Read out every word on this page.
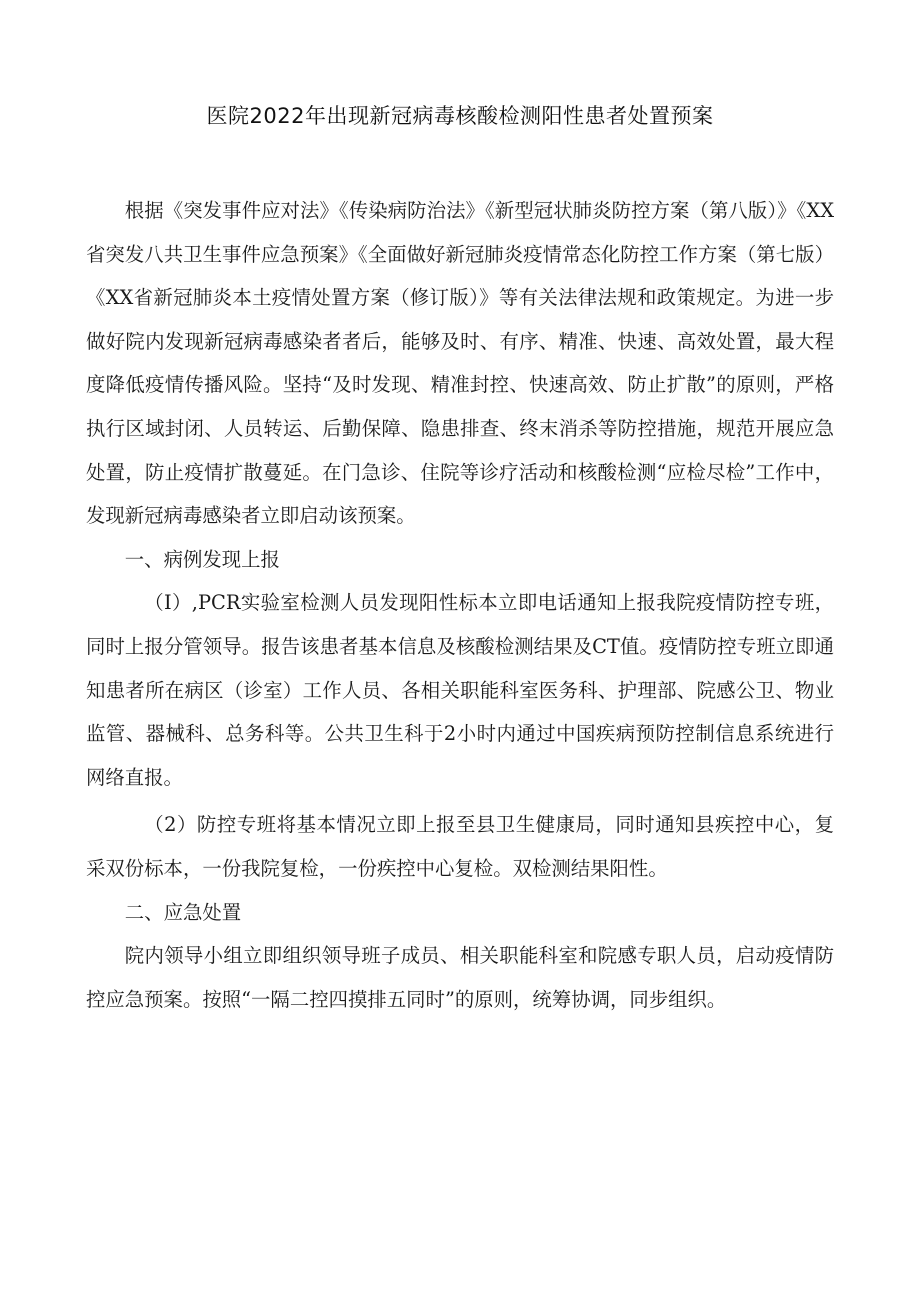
医院2022年出现新冠病毒核酸检测阳性患者处置预案

根据《突发事件应对法》《传染病防治法》《新型冠状肺炎防控方案（第八版）》《XX省突发八共卫生事件应急预案》《全面做好新冠肺炎疫情常态化防控工作方案（第七版）《XX省新冠肺炎本土疫情处置方案（修订版）》等有关法律法规和政策规定。为进一步做好院内发现新冠病毒感染者者后，能够及时、有序、精准、快速、高效处置，最大程度降低疫情传播风险。坚持“及时发现、精准封控、快速高效、防止扩散”的原则，严格执行区域封闭、人员转运、后勤保障、隐患排查、终末消杀等防控措施，规范开展应急处置，防止疫情扩散蔓延。在门急诊、住院等诊疗活动和核酸检测“应检尽检”工作中，发现新冠病毒感染者立即启动该预案。

一、病例发现上报

（I）,PCR实验室检测人员发现阳性标本立即电话通知上报我院疫情防控专班，同时上报分管领导。报告该患者基本信息及核酸检测结果及CT值。疫情防控专班立即通知患者所在病区（诊室）工作人员、各相关职能科室医务科、护理部、院感公卫、物业监管、器械科、总务科等。公共卫生科于2小时内通过中国疾病预防控制信息系统进行网络直报。

（2）防控专班将基本情况立即上报至县卫生健康局，同时通知县疾控中心，复采双份标本，一份我院复检，一份疾控中心复检。双检测结果阳性。

二、应急处置

院内领导小组立即组织领导班子成员、相关职能科室和院感专职人员，启动疫情防控应急预案。按照“一隔二控四摸排五同时”的原则，统筹协调，同步组织。
